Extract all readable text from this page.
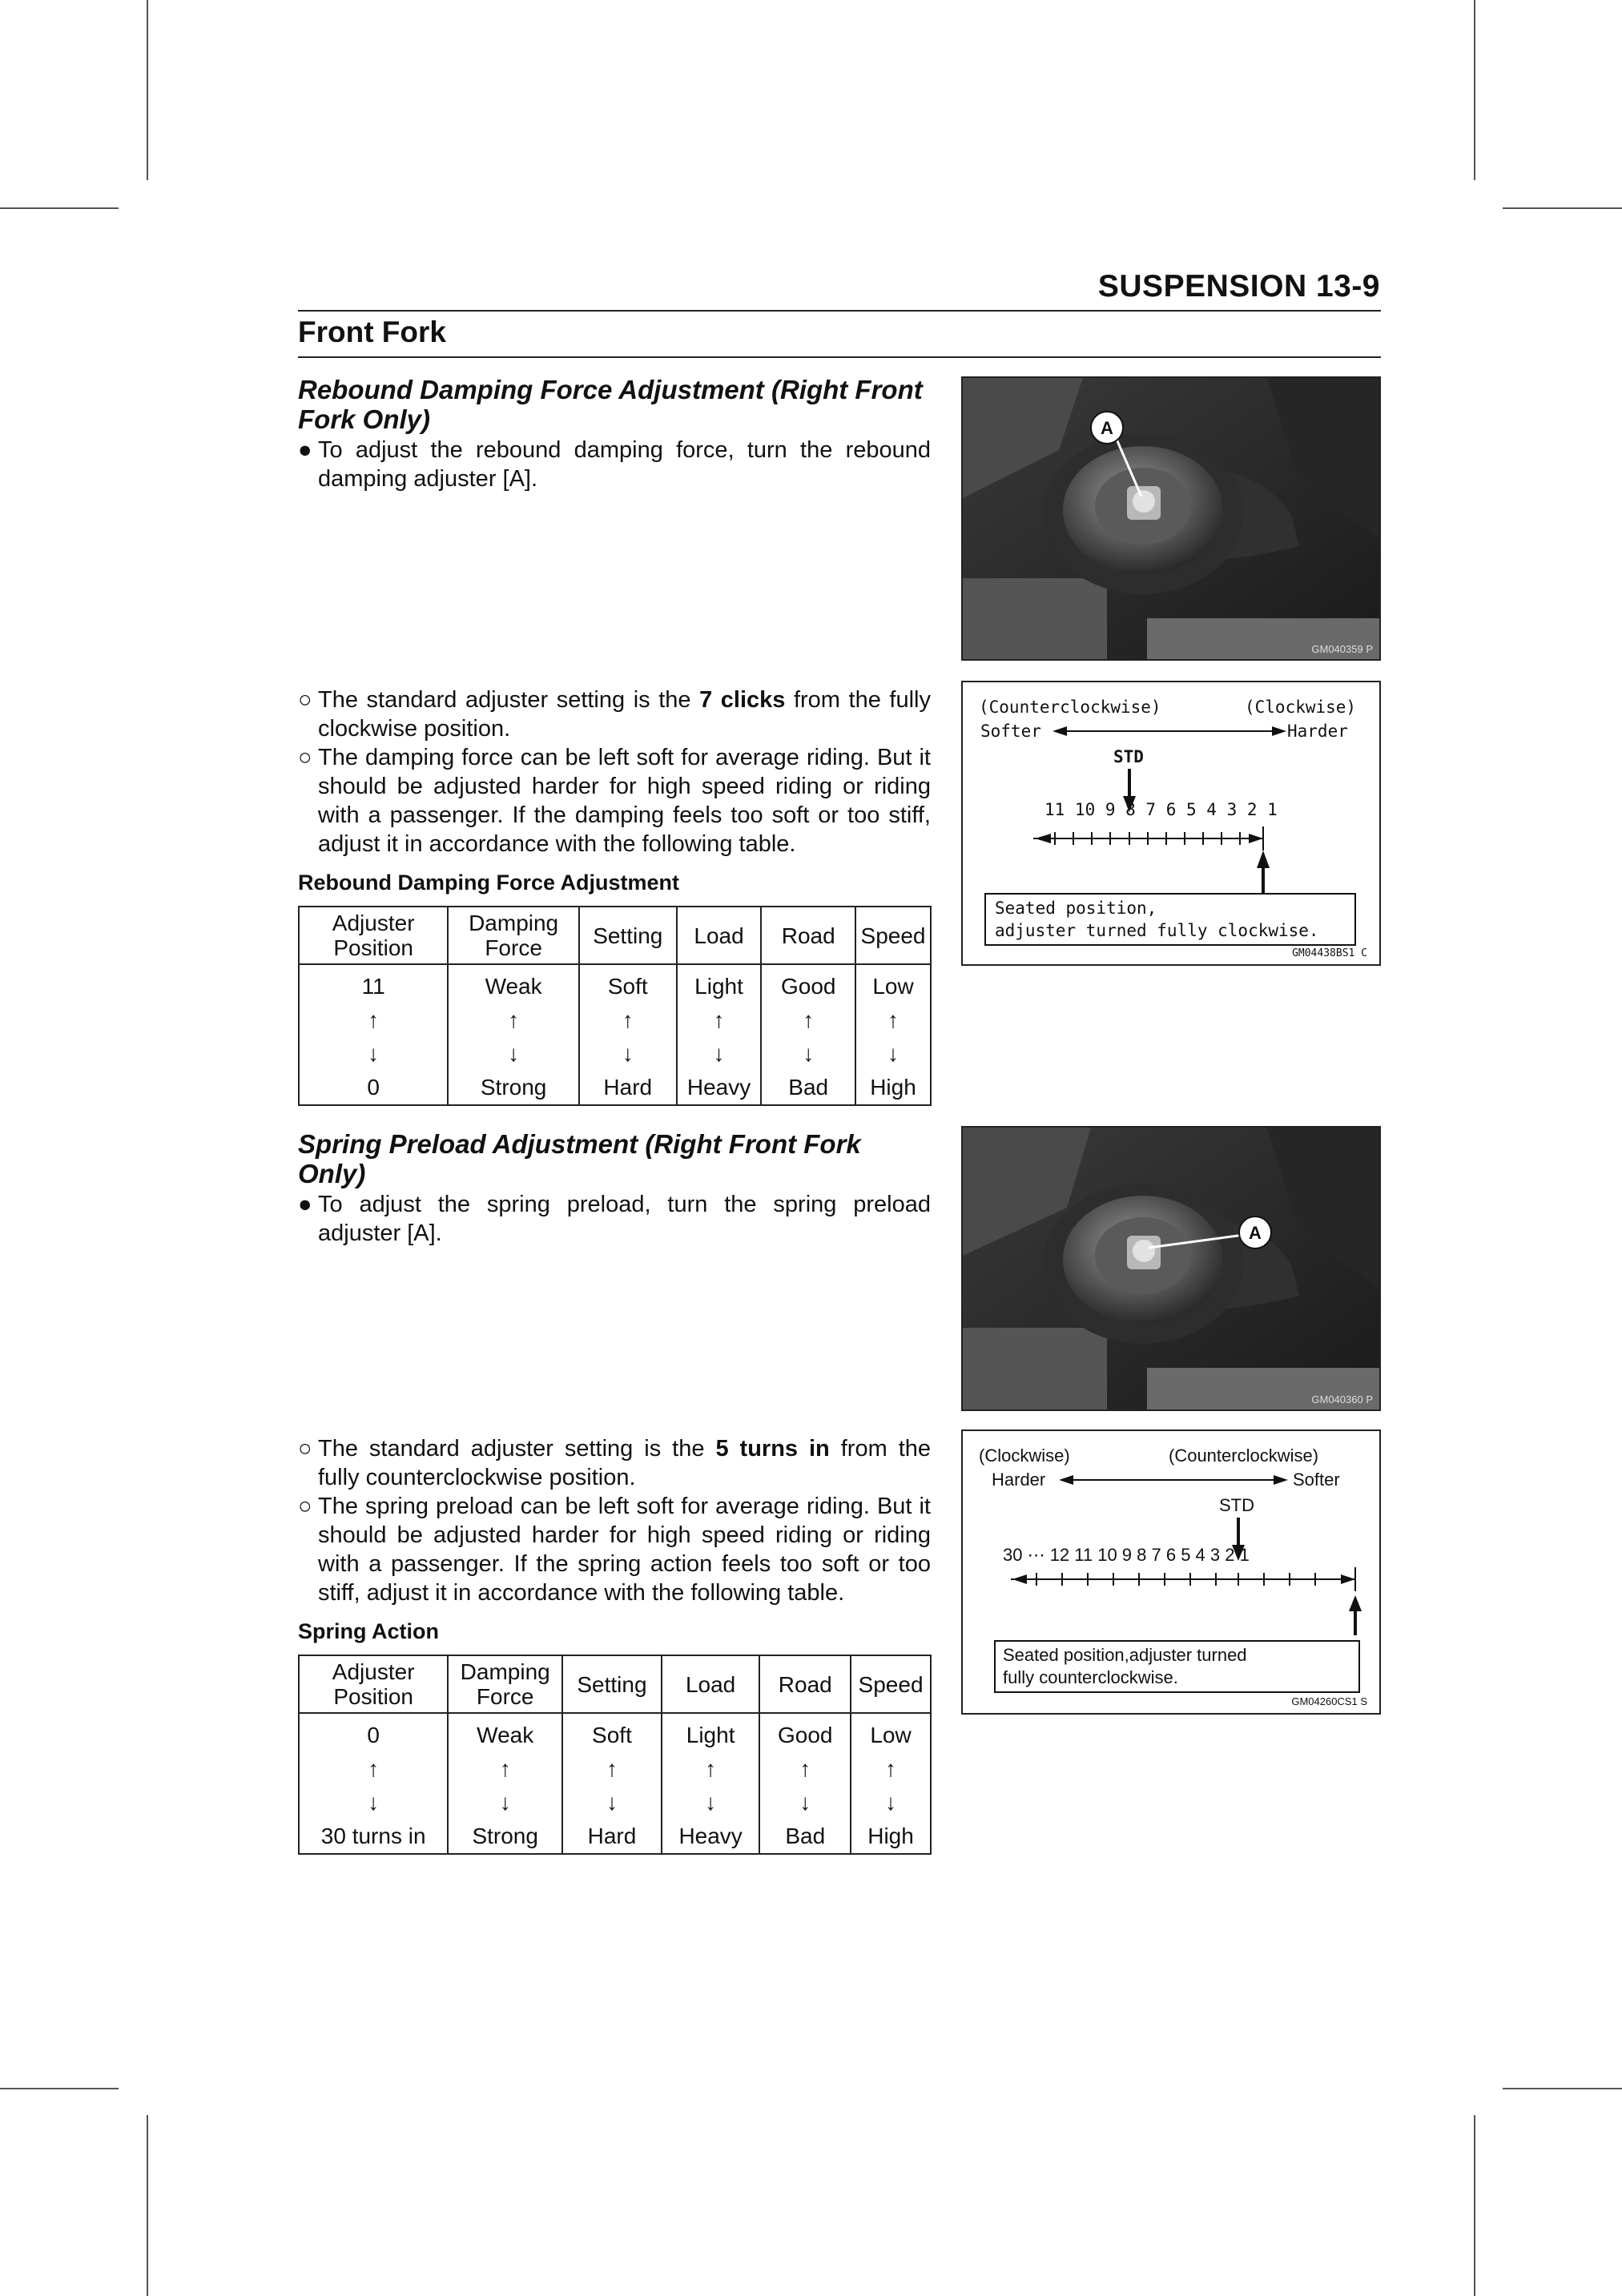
SUSPENSION 13-9
Front Fork
Rebound Damping Force Adjustment (Right Front Fork Only)
● To adjust the rebound damping force, turn the rebound damping adjuster [A].
○ The standard adjuster setting is the 7 clicks from the fully clockwise position.
○ The damping force can be left soft for average riding. But it should be adjusted harder for high speed riding or riding with a passenger. If the damping feels too soft or too stiff, adjust it in accordance with the following table.
Rebound Damping Force Adjustment
Adjuster Position	Damping Force	Setting	Load	Road	Speed
11	Weak	Soft	Light	Good	Low
↑	↑	↑	↑	↑	↑
↓	↓	↓	↓	↓	↓
0	Strong	Hard	Heavy	Bad	High
A
GM040359 P
(Counterclockwise)	(Clockwise)
Softer	Harder
STD
11 10 9 8 7 6 5 4 3 2 1
Seated position,
adjuster turned fully clockwise.
GM04438BS1 C
Spring Preload Adjustment (Right Front Fork Only)
● To adjust the spring preload, turn the spring preload adjuster [A].
○ The standard adjuster setting is the 5 turns in from the fully counterclockwise position.
○ The spring preload can be left soft for average riding. But it should be adjusted harder for high speed riding or riding with a passenger. If the spring action feels too soft or too stiff, adjust it in accordance with the following table.
Spring Action
Adjuster Position	Damping Force	Setting	Load	Road	Speed
0	Weak	Soft	Light	Good	Low
↑	↑	↑	↑	↑	↑
↓	↓	↓	↓	↓	↓
30 turns in	Strong	Hard	Heavy	Bad	High
A
GM040360 P
(Clockwise)	(Counterclockwise)
Harder	Softer
STD
30 ⋯ 12 11 10 9 8 7 6 5 4 3 2 1
Seated position,adjuster turned
fully counterclockwise.
GM04260CS1 S
